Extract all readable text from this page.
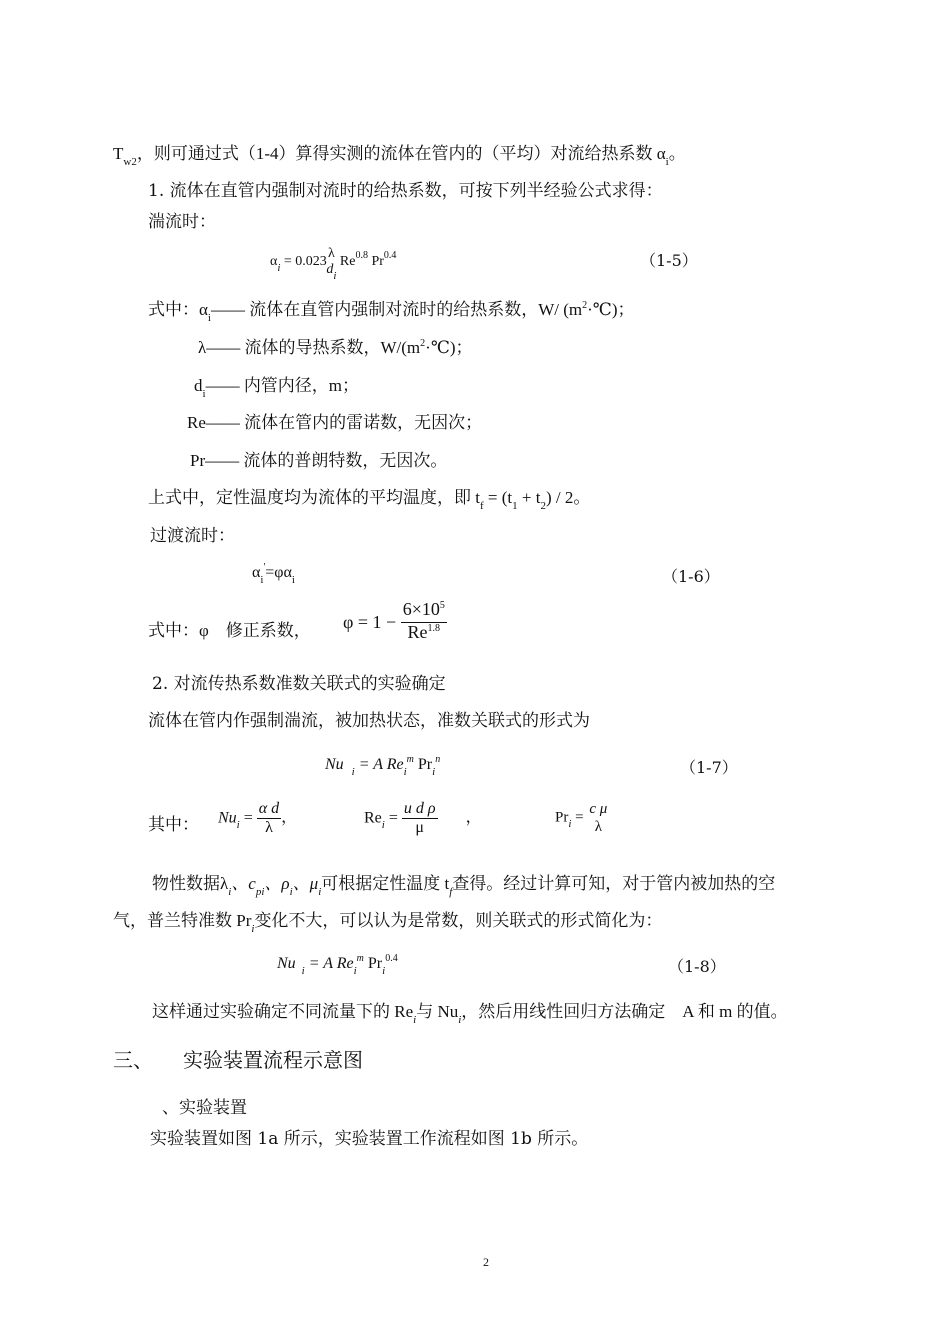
$T_{w2}$，则可通过式（1-4）算得实测的流体在管内的（平均）对流给热系数 $\alpha_i$。
1. 流体在直管内强制对流时的给热系数，可按下列半经验公式求得：
湍流时：
$\alpha_i = 0.023$
λ
$d_i$
$Re^{0.8}$ $Pr^{0.4}$	（1-5）
式中：$\alpha_i——$ 流体在直管内强制对流时的给热系数，W/ $(m^2\cdot℃)$；
λ—— 流体的导热系数，$W/(m^2\cdot℃)$；
$d_i——$ 内管内径，m；
Re—— 流体在管内的雷诺数，无因次；
Pr—— 流体的普朗特数，无因次。
上式中，定性温度均为流体的平均温度，即 $t_f = (t_1 + t_2) / 2$。
过渡流时：
$\alpha_i'=\varphi\alpha_i$	（1-6）
式中：φ　修正系数， $\varphi = 1 - \frac{6\times 10^5}{Re^{1.8}}$
2. 对流传热系数准数关联式的实验确定
流体在管内作强制湍流，被加热状态，准数关联式的形式为
Nu $_i$ = A $Re_i^m$ $Pr_i^n$	（1-7）
其中： $Nu_i = \frac{\text{α d}}{\lambda}$ ，	$Re_i = \frac{\text{u d ρ}}{\mu}$ ，	$Pr_i$ =
c μ
λ
物性数据$\lambda_i$、$c_{pi}$、$\rho_i$、$\mu_i$可根据定性温度 $t_f$查得。经过计算可知，对于管内被加热的空
气，普兰特准数 $Pr_i$变化不大，可以认为是常数，则关联式的形式简化为：
Nu $_i$ = A $Re_i^m$ $Pr_i^{0.4}$	（1-8）
这样通过实验确定不同流量下的 $Re_i$与 $Nu_i$，然后用线性回归方法确定　A 和 m 的值。
三、 实验装置流程示意图
、实验装置
实验装置如图 1a 所示，实验装置工作流程如图 1b 所示。
2
